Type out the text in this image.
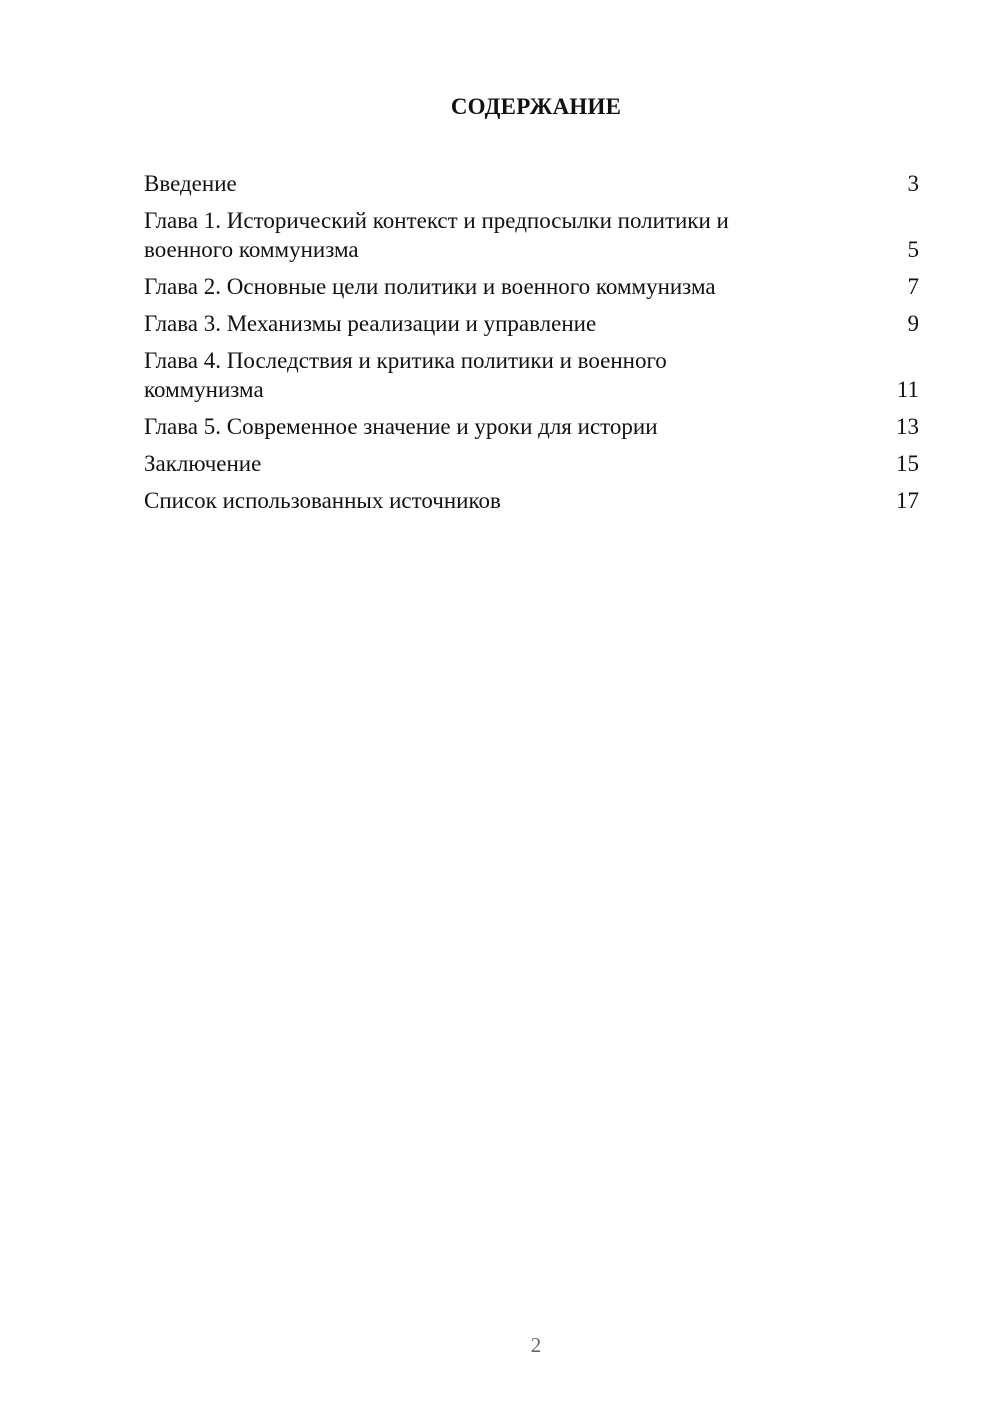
СОДЕРЖАНИЕ
Введение	3
Глава 1. Исторический контекст и предпосылки политики и
военного коммунизма	5
Глава 2. Основные цели политики и военного коммунизма	7
Глава 3. Механизмы реализации и управление	9
Глава 4. Последствия и критика политики и военного
коммунизма	11
Глава 5. Современное значение и уроки для истории	13
Заключение	15
Список использованных источников	17
2
